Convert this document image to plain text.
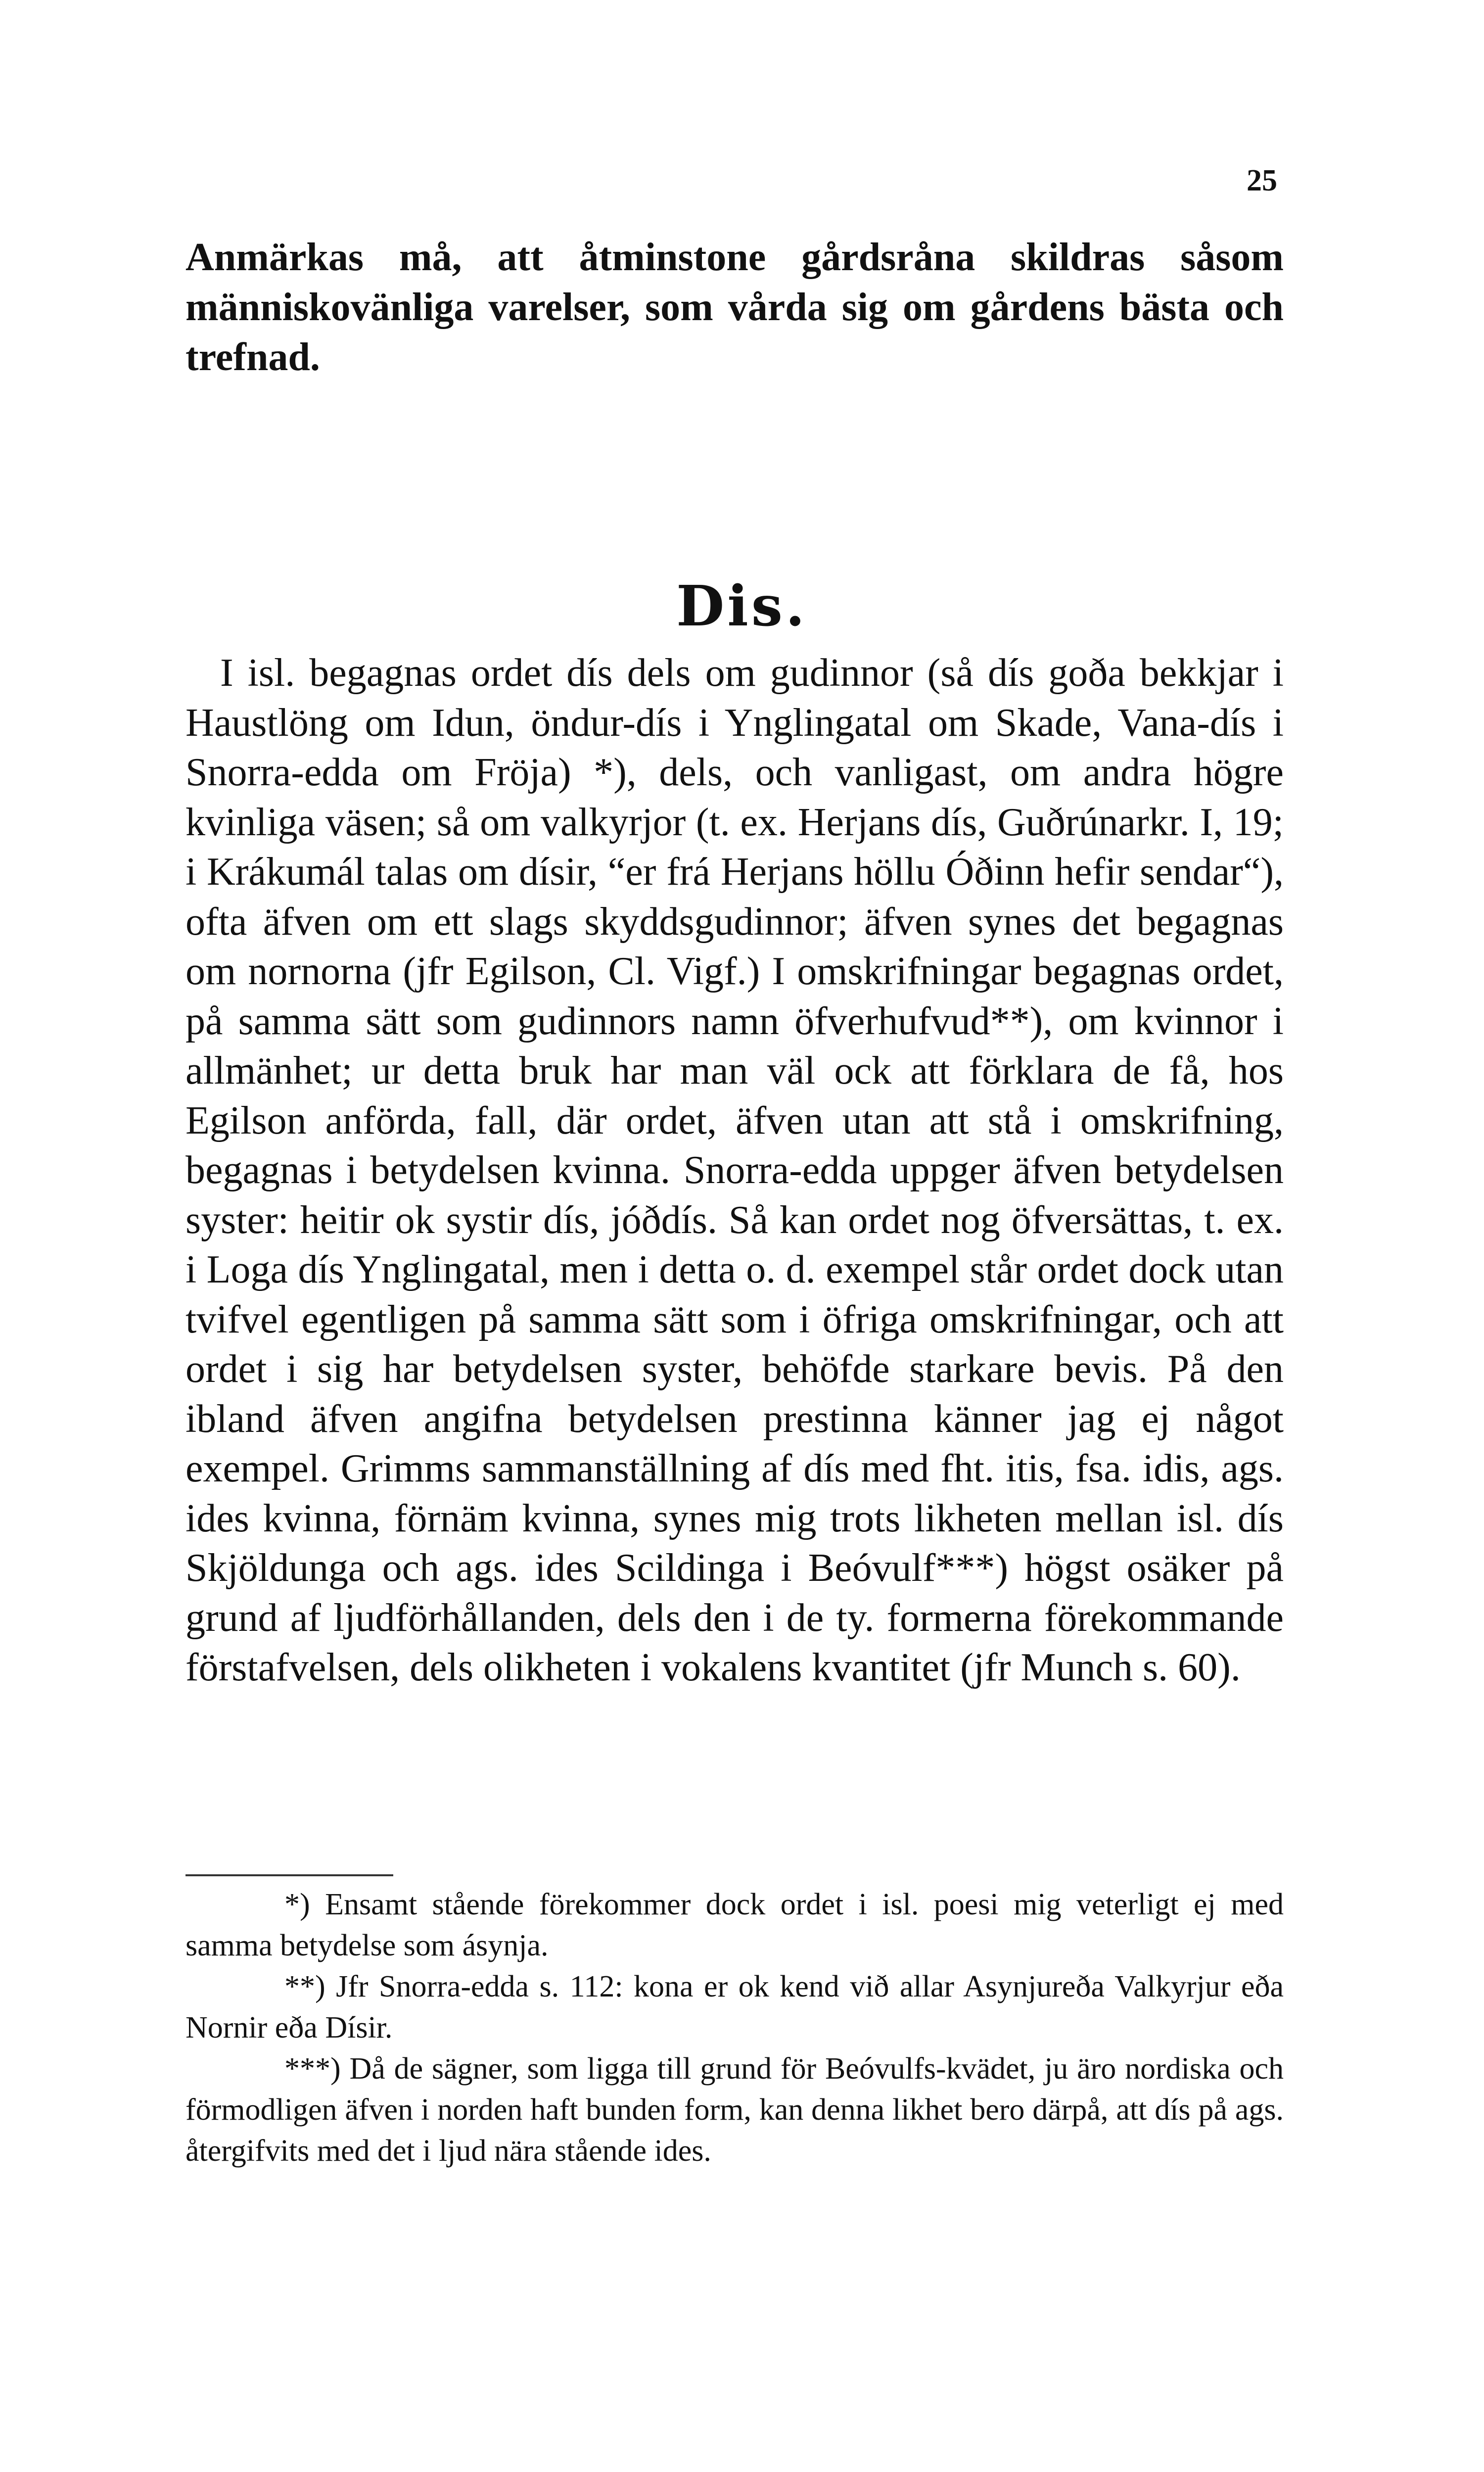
25

Anmärkas må, att åtminstone gårdsråna skildras såsom människovänliga varelser, som vårda sig om gårdens bästa och trefnad.

Dis.

I isl. begagnas ordet dís dels om gudinnor (så dís goða bekkjar i Haustlöng om Idun, öndur-dís i Ynglingatal om Skade, Vana-dís i Snorra-edda om Fröja) *), dels, och vanligast, om andra högre kvinliga väsen; så om valkyrjor (t. ex. Herjans dís, Guðrúnarkr. I, 19; i Krákumál talas om dísir, “er frá Herjans höllu Óðinn hefir sendar“), ofta äfven om ett slags skyddsgudinnor; äfven synes det begagnas om nornorna (jfr Egilson, Cl. Vigf.) I omskrifningar begagnas ordet, på samma sätt som gudinnors namn öfverhufvud**), om kvinnor i allmänhet; ur detta bruk har man väl ock att förklara de få, hos Egilson anförda, fall, där ordet, äfven utan att stå i omskrifning, begagnas i betydelsen kvinna. Snorra-edda uppger äfven betydelsen syster: heitir ok systir dís, jóðdís. Så kan ordet nog öfversättas, t. ex. i Loga dís Ynglingatal, men i detta o. d. exempel står ordet dock utan tvifvel egentligen på samma sätt som i öfriga omskrifningar, och att ordet i sig har betydelsen syster, behöfde starkare bevis. På den ibland äfven angifna betydelsen prestinna känner jag ej något exempel. Grimms sammanställning af dís med fht. itis, fsa. idis, ags. ides kvinna, förnäm kvinna, synes mig trots likheten mellan isl. dís Skjöldunga och ags. ides Scildinga i Beóvulf***) högst osäker på grund af ljudförhållanden, dels den i de ty. formerna förekommande förstafvelsen, dels olikheten i vokalens kvantitet (jfr Munch s. 60).

*) Ensamt stående förekommer dock ordet i isl. poesi mig veterligt ej med samma betydelse som ásynja.

**) Jfr Snorra-edda s. 112: kona er ok kend við allar Asynjureða Valkyrjur eða Nornir eða Dísir.

***) Då de sägner, som ligga till grund för Beóvulfs-kvädet, ju äro nordiska och förmodligen äfven i norden haft bunden form, kan denna likhet bero därpå, att dís på ags. återgifvits med det i ljud nära stående ides.
